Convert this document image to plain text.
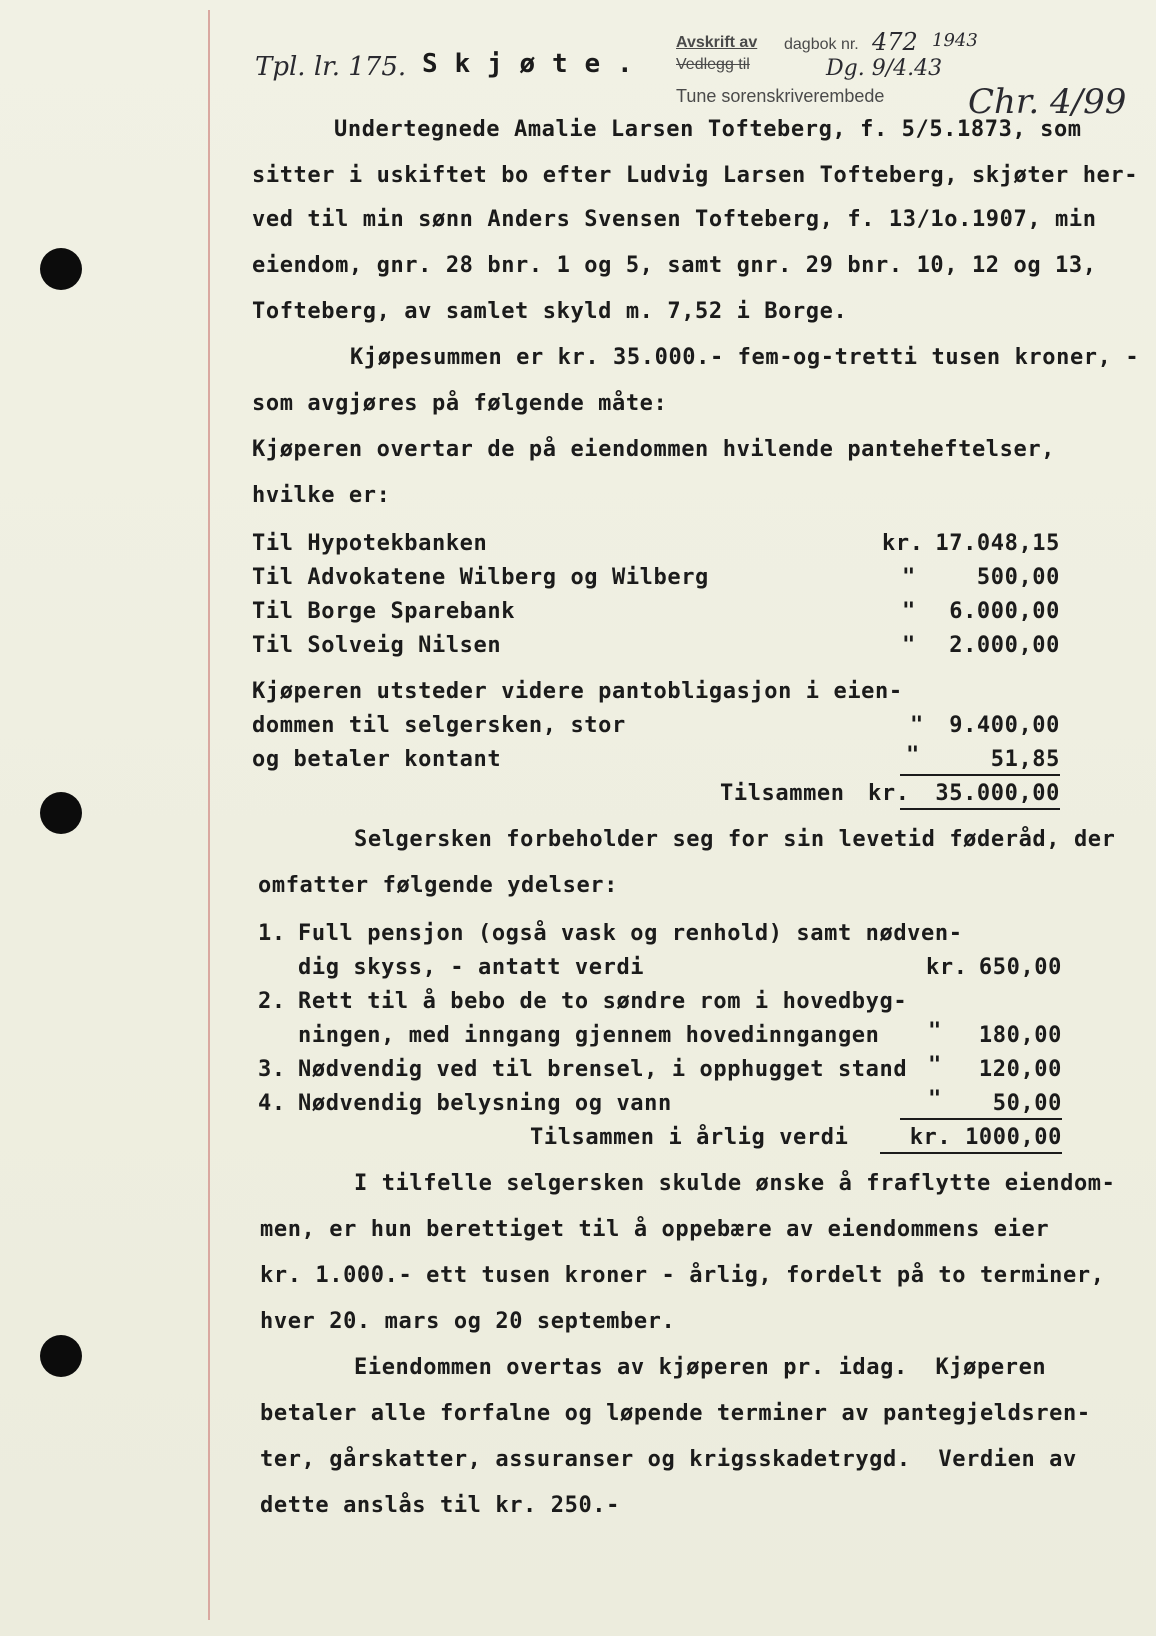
Tpl. lr. 175. S k j ø t e .
Avskrift av dagbok nr. 472 1943
Vedlegg til	Dg. 9/4.43
Tune sorenskriverembede Chr. 4/99
Undertegnede Amalie Larsen Tofteberg, f. 5/5.1873, som
sitter i uskiftet bo efter Ludvig Larsen Tofteberg, skjøter her-
ved til min sønn Anders Svensen Tofteberg, f. 13/1o.1907, min
eiendom, gnr. 28 bnr. 1 og 5, samt gnr. 29 bnr. 10, 12 og 13,
Tofteberg, av samlet skyld m. 7,52 i Borge.
Kjøpesummen er kr. 35.000.- fem-og-tretti tusen kroner, -
som avgjøres på følgende måte:
Kjøperen overtar de på eiendommen hvilende panteheftelser,
hvilke er:
Til Hypotekbanken	kr. 17.048,15
Til Advokatene Wilberg og Wilberg	"	500,00
Til Borge Sparebank	"	6.000,00
Til Solveig Nilsen	"	2.000,00
Kjøperen utsteder videre pantobligasjon i eien-
dommen til selgersken, stor	"	9.400,00
og betaler kontant	"	51,85
Tilsammen kr.	35.000,00
Selgersken forbeholder seg for sin levetid føderåd, der
omfatter følgende ydelser:
1. Full pensjon (også vask og renhold) samt nødven-
dig skyss, - antatt verdi	kr. 650,00
2. Rett til å bebo de to søndre rom i hovedbyg-
ningen, med inngang gjennem hovedinngangen "	180,00
3. Nødvendig ved til brensel, i opphugget stand "	120,00
4. Nødvendig belysning og vann	"	50,00
Tilsammen i årlig verdi	kr. 1000,00
I tilfelle selgersken skulde ønske å fraflytte eiendom-
men, er hun berettiget til å oppebære av eiendommens eier
kr. 1.000.- ett tusen kroner - årlig, fordelt på to terminer,
hver 20. mars og 20 september.
Eiendommen overtas av kjøperen pr. idag.  Kjøperen
betaler alle forfalne og løpende terminer av pantegjeldsren-
ter, gårskatter, assuranser og krigsskadetrygd.  Verdien av
dette anslås til kr. 250.-
